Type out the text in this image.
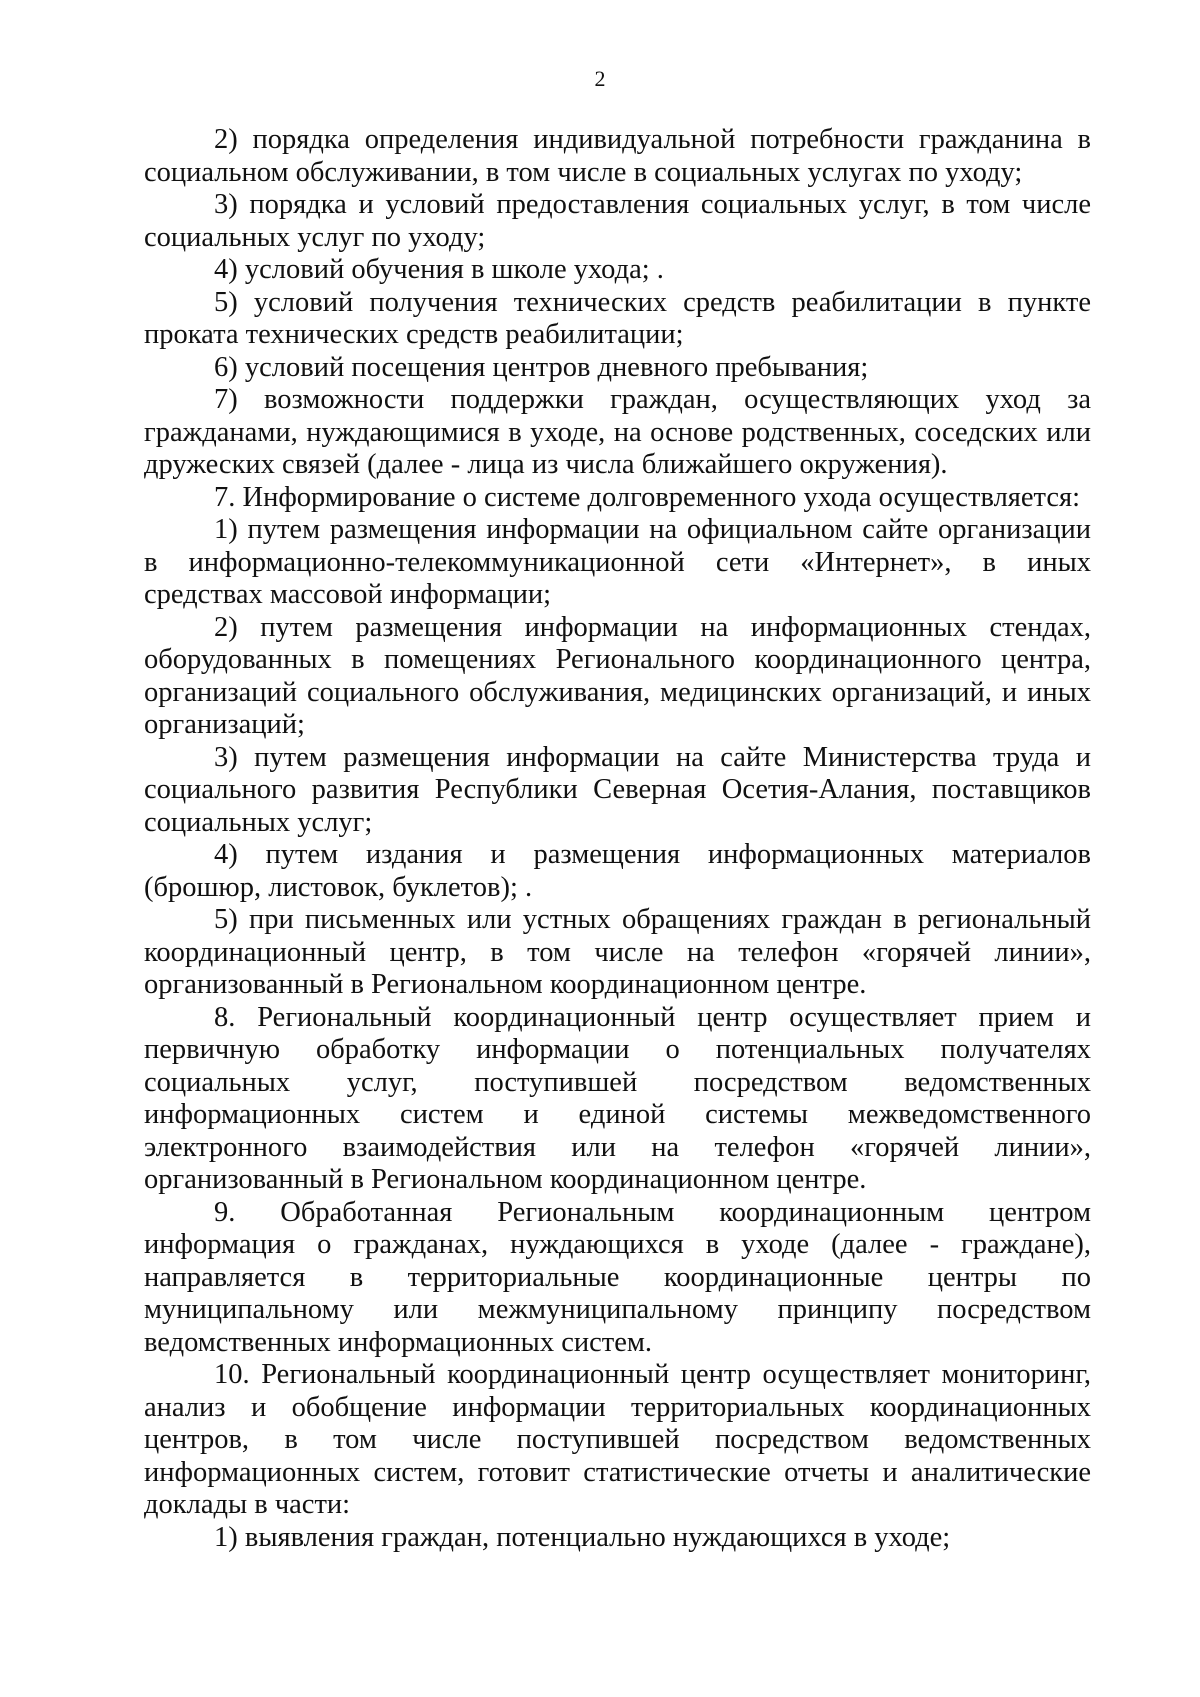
2

2) порядка определения индивидуальной потребности гражданина в социальном обслуживании, в том числе в социальных услугах по уходу;

3) порядка и условий предоставления социальных услуг, в том числе социальных услуг по уходу;

4) условий обучения в школе ухода; .

5) условий получения технических средств реабилитации в пункте проката технических средств реабилитации;

6) условий посещения центров дневного пребывания;

7) возможности поддержки граждан, осуществляющих уход за гражданами, нуждающимися в уходе, на основе родственных, соседских или дружеских связей (далее - лица из числа ближайшего окружения).

7. Информирование о системе долговременного ухода осуществляется:

1) путем размещения информации на официальном сайте организации в информационно-телекоммуникационной сети «Интернет», в иных средствах массовой информации;

2) путем размещения информации на информационных стендах, оборудованных в помещениях Регионального координационного центра, организаций социального обслуживания, медицинских организаций, и иных организаций;

3) путем размещения информации на сайте Министерства труда и социального развития Республики Северная Осетия-Алания, поставщиков социальных услуг;

4) путем издания и размещения информационных материалов (брошюр, листовок, буклетов); .

5) при письменных или устных обращениях граждан в региональный координационный центр, в том числе на телефон «горячей линии», организованный в Региональном координационном центре.

8. Региональный координационный центр осуществляет прием и первичную обработку информации о потенциальных получателях социальных услуг, поступившей посредством ведомственных информационных систем и единой системы межведомственного электронного взаимодействия или на телефон «горячей линии», организованный в Региональном координационном центре.

9. Обработанная Региональным координационным центром информация о гражданах, нуждающихся в уходе (далее - граждане), направляется в территориальные координационные центры по муниципальному или межмуниципальному принципу посредством ведомственных информационных систем.

10. Региональный координационный центр осуществляет мониторинг, анализ и обобщение информации территориальных координационных центров, в том числе поступившей посредством ведомственных информационных систем, готовит статистические отчеты и аналитические доклады в части:

1) выявления граждан, потенциально нуждающихся в уходе;
